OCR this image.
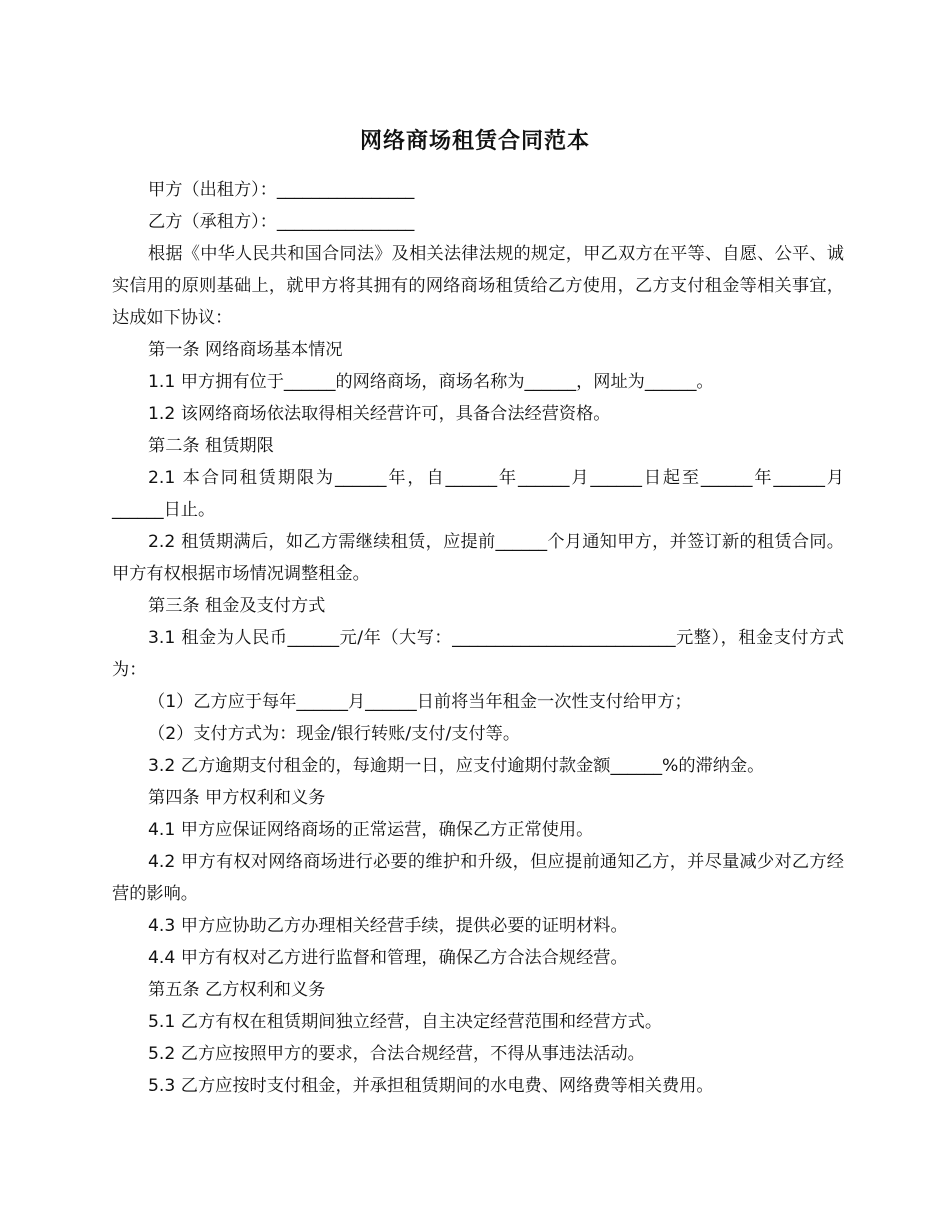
网络商场租赁合同范本

甲方（出租方）：________________

乙方（承租方）：________________

根据《中华人民共和国合同法》及相关法律法规的规定，甲乙双方在平等、自愿、公平、诚实信用的原则基础上，就甲方将其拥有的网络商场租赁给乙方使用，乙方支付租金等相关事宜，达成如下协议：

第一条 网络商场基本情况

1.1 甲方拥有位于______的网络商场，商场名称为______，网址为______。

1.2 该网络商场依法取得相关经营许可，具备合法经营资格。

第二条 租赁期限

2.1 本合同租赁期限为______年，自______年______月______日起至______年______月______日止。

2.2 租赁期满后，如乙方需继续租赁，应提前______个月通知甲方，并签订新的租赁合同。甲方有权根据市场情况调整租金。

第三条 租金及支付方式

3.1 租金为人民币______元/年（大写：__________________________元整），租金支付方式为：

（1）乙方应于每年______月______日前将当年租金一次性支付给甲方；

（2）支付方式为：现金/银行转账/支付/支付等。

3.2 乙方逾期支付租金的，每逾期一日，应支付逾期付款金额______%的滞纳金。

第四条 甲方权利和义务

4.1 甲方应保证网络商场的正常运营，确保乙方正常使用。

4.2 甲方有权对网络商场进行必要的维护和升级，但应提前通知乙方，并尽量减少对乙方经营的影响。

4.3 甲方应协助乙方办理相关经营手续，提供必要的证明材料。

4.4 甲方有权对乙方进行监督和管理，确保乙方合法合规经营。

第五条 乙方权利和义务

5.1 乙方有权在租赁期间独立经营，自主决定经营范围和经营方式。

5.2 乙方应按照甲方的要求，合法合规经营，不得从事违法活动。

5.3 乙方应按时支付租金，并承担租赁期间的水电费、网络费等相关费用。
